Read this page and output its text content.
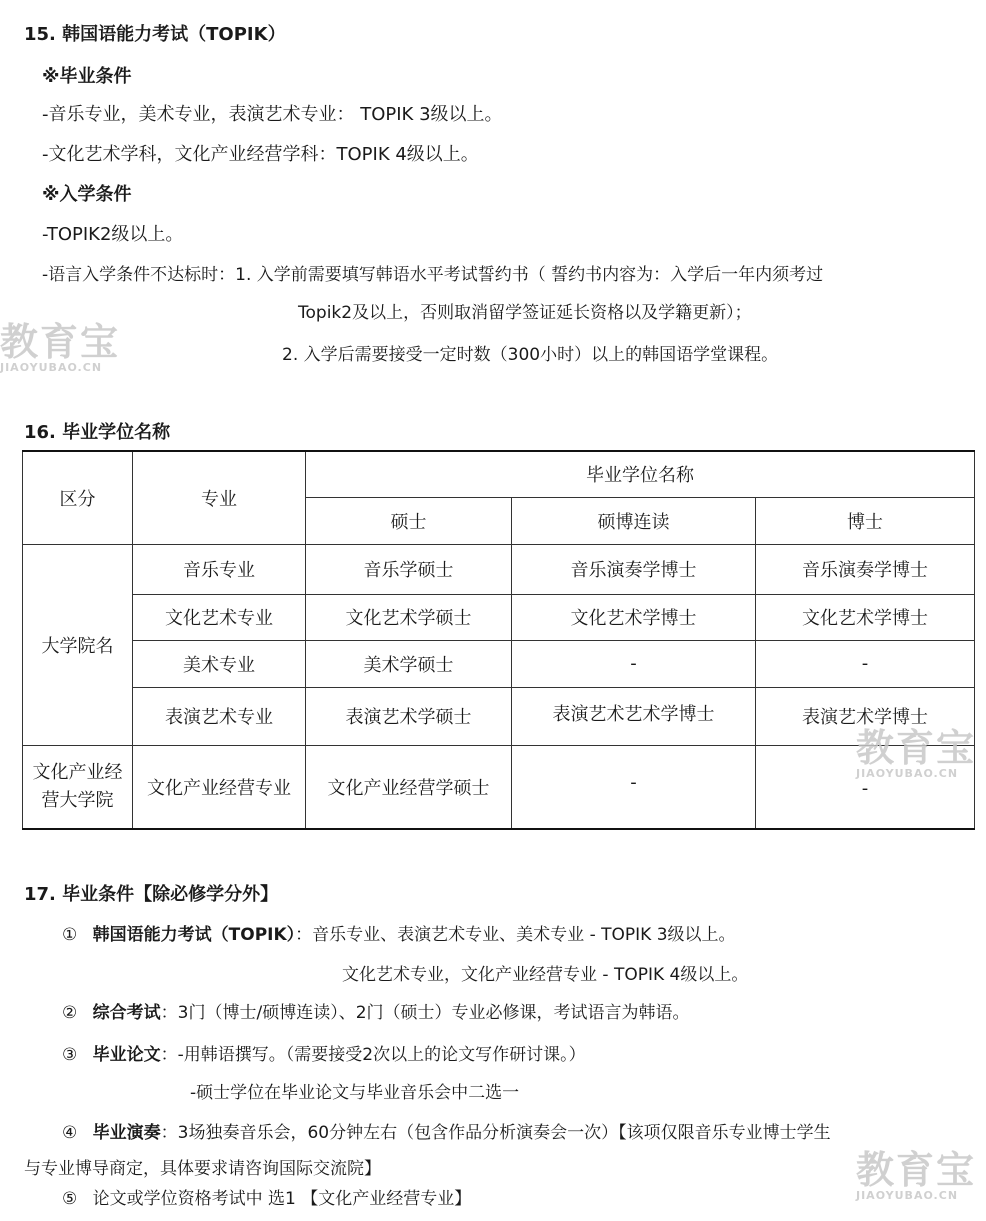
15. 韩国语能力考试（TOPIK）
※毕业条件
-音乐专业，美术专业，表演艺术专业： TOPIK 3级以上。
-文化艺术学科，文化产业经营学科：TOPIK 4级以上。
※入学条件
-TOPIK2级以上。
-语言入学条件不达标时：1. 入学前需要填写韩语水平考试誓约书（ 誓约书内容为：入学后一年内须考过
Topik2及以上，否则取消留学签证延长资格以及学籍更新）；
2. 入学后需要接受一定时数（300小时）以上的韩国语学堂课程。
16. 毕业学位名称
区分	专业	毕业学位名称		
		硕士	硕博连读	博士
大学院名	音乐专业	音乐学硕士	音乐演奏学博士	音乐演奏学博士
	文化艺术专业	文化艺术学硕士	文化艺术学博士	文化艺术学博士
	美术专业	美术学硕士	-	-
	表演艺术专业	表演艺术学硕士	表演艺术艺术学博士	表演艺术学博士
文化产业经
营大学院	文化产业经营专业	文化产业经营学硕士	-	-
17. 毕业条件【除必修学分外】
① 韩国语能力考试（TOPIK）：音乐专业、表演艺术专业、美术专业 - TOPIK 3级以上。
文化艺术专业，文化产业经营专业 - TOPIK 4级以上。
② 综合考试：3门（博士/硕博连读）、2门（硕士）专业必修课，考试语言为韩语。
③ 毕业论文：-用韩语撰写。（需要接受2次以上的论文写作研讨课。）
-硕士学位在毕业论文与毕业音乐会中二选一
④ 毕业演奏：3场独奏音乐会，60分钟左右（包含作品分析演奏会一次）【该项仅限音乐专业博士学生
与专业博导商定，具体要求请咨询国际交流院】
⑤ 论文或学位资格考试中 选1 【文化产业经营专业】
教育宝
JIAOYUBAO.CN
教育宝
JIAOYUBAO.CN
教育宝
JIAOYUBAO.CN
